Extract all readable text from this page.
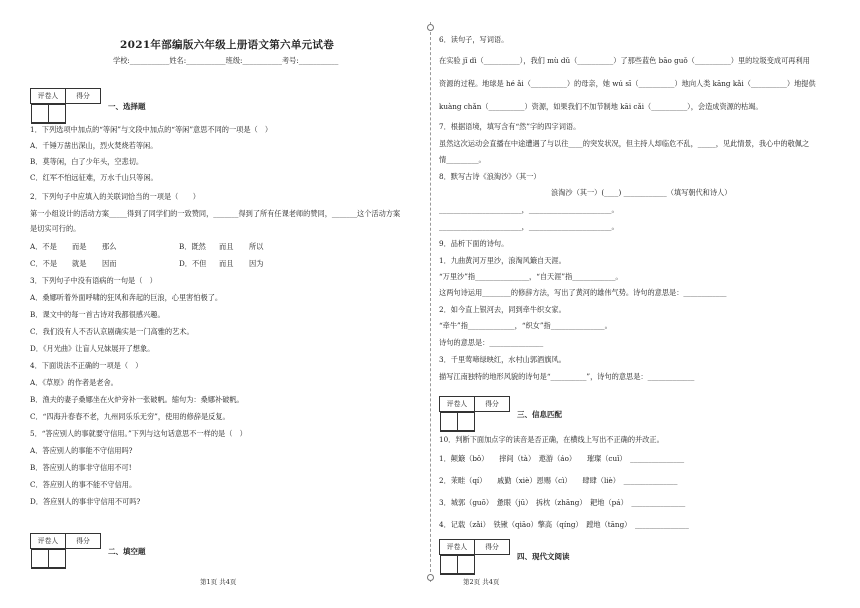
2021年部编版六年级上册语文第六单元试卷
学校:___________姓名:___________班级:___________考号:___________
评卷人	得分

一、选择题
1．下列选项中加点的“等闲”与文段中加点的“等闲”意思不同的一项是（　）
A．千锤万凿出深山，烈火焚烧若等闲。
B．莫等闲，白了少年头，空悲切。
C．红军不怕远征难，万水千山只等闲。
2．下列句子中应填入的关联词恰当的一项是（　　）
第一小组设计的活动方案_____得到了同学们的一致赞同，_______得到了所有任课老师的赞同，_______这个活动方案
是切实可行的。
A．不是 而是 那么	B．既然 而且 所以
C．不是 就是 因而	D．不但 而且 因为
3．下列句子中没有语病的一句是（　）
A．桑娜听着外面呼啸的狂风和奔起的巨浪，心里害怕极了。
B．课文中的每一首古诗对我都很感兴趣。
C．我们没有人不否认京剧确实是一门高雅的艺术。
D．《月光曲》让盲人兄妹展开了想象。
4．下面说法不正确的一项是（　）
A．《草原》的作者是老舍。
B．渔夫的妻子桑娜坐在火炉旁补一张破帆。缩句为：桑娜补破帆。
C．“四海升春春不老，九州同乐乐无穷”，使用的修辞是反复。
5．“答应别人的事就要守信用。”下列与这句话意思不一样的是（　）
A．答应别人的事能不守信用吗?
B．答应别人的事非守信用不可!
C．答应别人的事不能不守信用。
D．答应别人的事非守信用不可吗?
评卷人	得分

二、填空题
第1页 共4页
6．读句子，写词语。
在实验 jǐ dì（__________），我们 mù dǔ（__________）了那些蓝色 bāo guǒ（__________）里的垃圾变成可再利用
资源的过程。地球是 hé ǎi（__________）的母亲，她 wú sī（__________）地向人类 kāng kǎi（__________）地提供
kuàng chǎn（__________）资源，如果我们不加节制地 kāi cǎi（__________），会造成资源的枯竭。
7．根据语境，填写含有“然”字的四字词语。
虽然这次运动会直播在中途遭遇了与以往____的突发状况，但主持人却临危不乱，_____，见此情景，我心中的敬佩之
情_________。
8．默写古诗《浪淘沙》（其一）
浪淘沙（其一）(____) ____________（填写朝代和诗人）
_______________________，_______________________。
_______________________，_______________________。
9．品析下面的诗句。
1．九曲黄河万里沙，浪淘风簸自天涯。
“万里沙”指_______________，“自天涯”指____________。
这两句诗运用________的修辞方法，写出了黄河的雄伟气势。诗句的意思是：____________
2．如今直上银河去，同到牵牛织女家。
“牵牛”指_____________，“织女”指_______________。
诗句的意思是：_______________
3．千里莺啼绿映红，水村山郭酒旗风。
描写江南独特的地形风貌的诗句是“__________”，诗句的意思是：_____________
评卷人	得分

三、信息匹配
10．判断下面加点字的读音是否正确，在横线上写出不正确的并改正。
1．颠簸（bǒ）　　摔间（tà）　遨游（áo）　　璀璨（cuǐ）　_______________
2．茉畦（qí）　　戚勤（xiè）恩赐（cì）　　肆肆（liè）　_______________
3．城郭（guō）　惫眼（jū）　拆枕（zhāng）　耙地（pá）　_______________
4．记载（zǎi）　铁锹（qiāo）擎高（qíng）　蹚地（tāng）　_______________
评卷人	得分

四、现代文阅读
第2页 共4页
